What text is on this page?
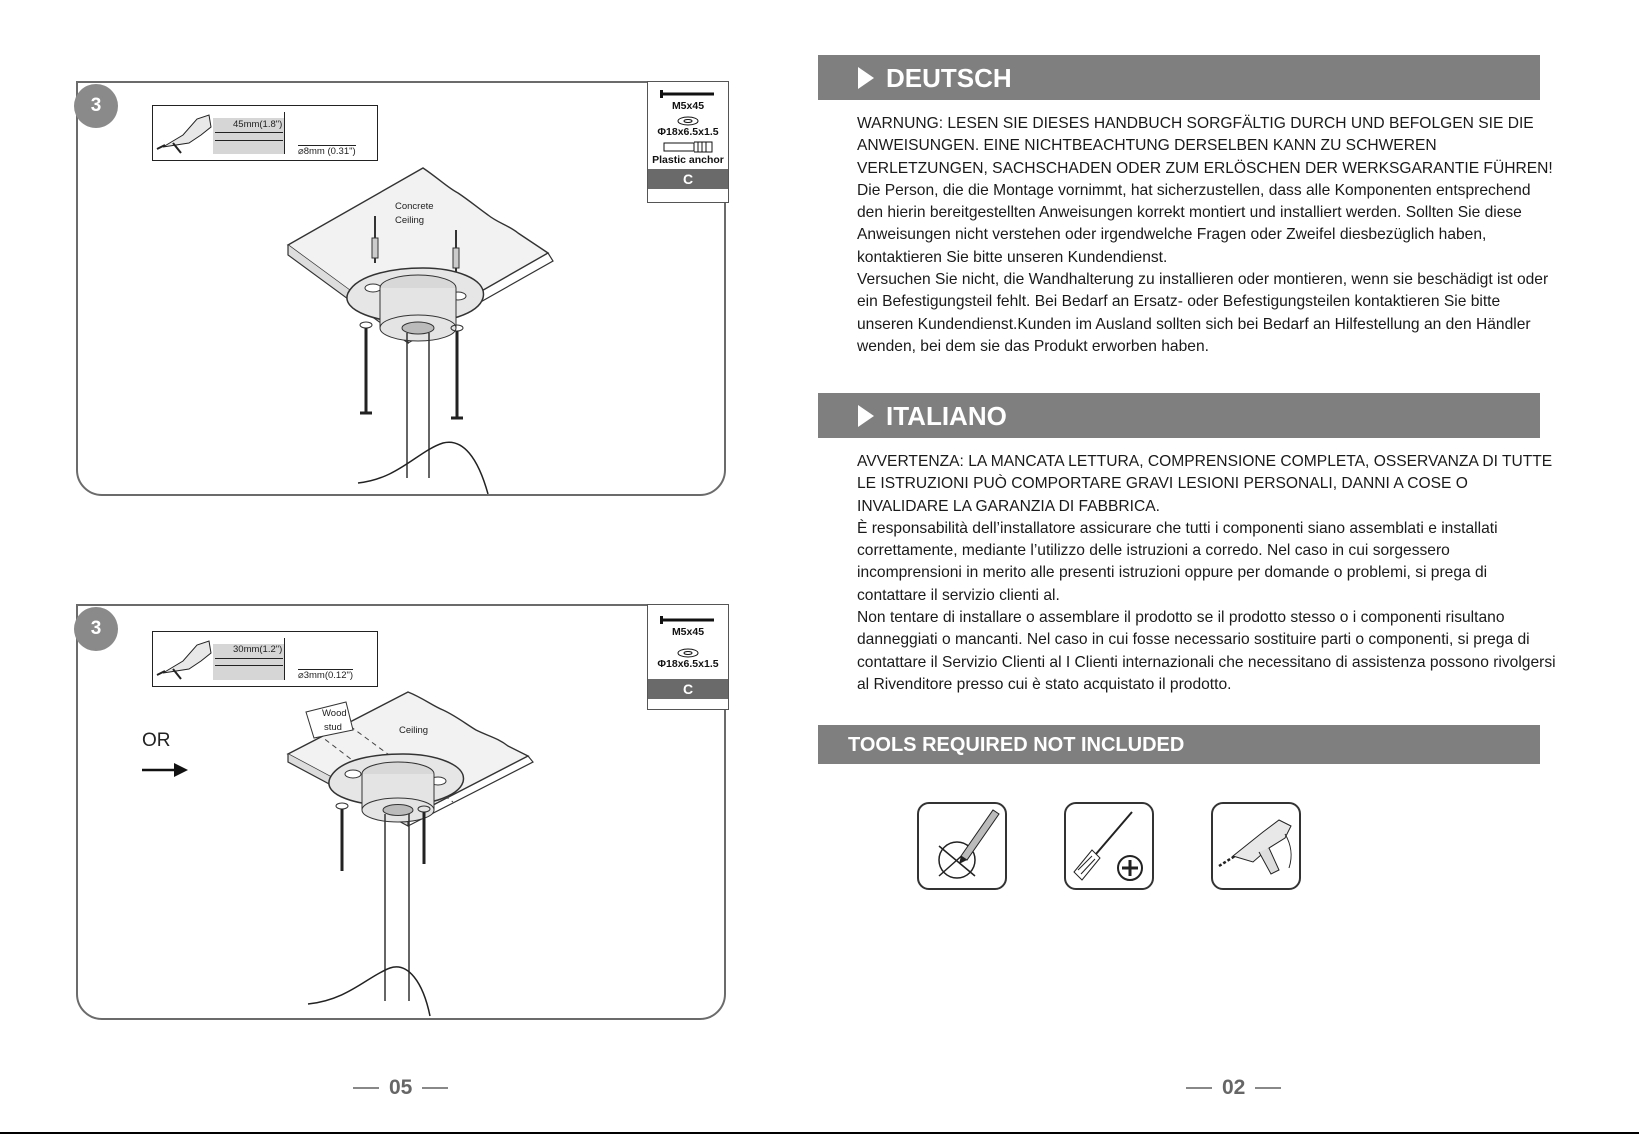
3
45mm(1.8")
⌀8mm (0.31")
Concrete
Ceiling
M5x45
Φ18x6.5x1.5
Plastic anchor
C
3
30mm(1.2")
⌀3mm(0.12")
Wood
stud	Ceiling
M5x45
Φ18x6.5x1.5
C
OR
05
DEUTSCH

WARNUNG: LESEN SIE DIESES HANDBUCH SORGFÄLTIG DURCH UND BEFOLGEN SIE DIE ANWEISUNGEN. EINE NICHTBEACHTUNG DERSELBEN KANN ZU SCHWEREN VERLETZUNGEN, SACHSCHADEN ODER ZUM ERLÖSCHEN DER WERKSGARANTIE FÜHREN!

Die Person, die die Montage vornimmt, hat sicherzustellen, dass alle Komponenten entsprechend den hierin bereitgestellten Anweisungen korrekt montiert und installiert werden. Sollten Sie diese Anweisungen nicht verstehen oder irgendwelche Fragen oder Zweifel diesbezüglich haben, kontaktieren Sie bitte unseren Kundendienst.

Versuchen Sie nicht, die Wandhalterung zu installieren oder montieren, wenn sie beschädigt ist oder ein Befestigungsteil fehlt. Bei Bedarf an Ersatz- oder Befestigungsteilen kontaktieren Sie bitte unseren Kundendienst.Kunden im Ausland sollten sich bei Bedarf an Hilfestellung an den Händler wenden, bei dem sie das Produkt erworben haben.

ITALIANO

AVVERTENZA: LA MANCATA LETTURA, COMPRENSIONE COMPLETA, OSSERVANZA DI TUTTE LE ISTRUZIONI PUÒ COMPORTARE GRAVI LESIONI PERSONALI, DANNI A COSE O INVALIDARE LA GARANZIA DI FABBRICA.

È responsabilità dell’installatore assicurare che tutti i componenti siano assemblati e installati correttamente, mediante l’utilizzo delle istruzioni a corredo. Nel caso in cui sorgessero incomprensioni in merito alle presenti istruzioni oppure per domande o problemi, si prega di contattare il servizio clienti al.

Non tentare di installare o assemblare il prodotto se il prodotto stesso o i componenti risultano danneggiati o mancanti. Nel caso in cui fosse necessario sostituire parti o componenti, si prega di contattare il Servizio Clienti al I Clienti internazionali che necessitano di assistenza possono rivolgersi al Rivenditore presso cui è stato acquistato il prodotto.

TOOLS REQUIRED NOT INCLUDED
02
